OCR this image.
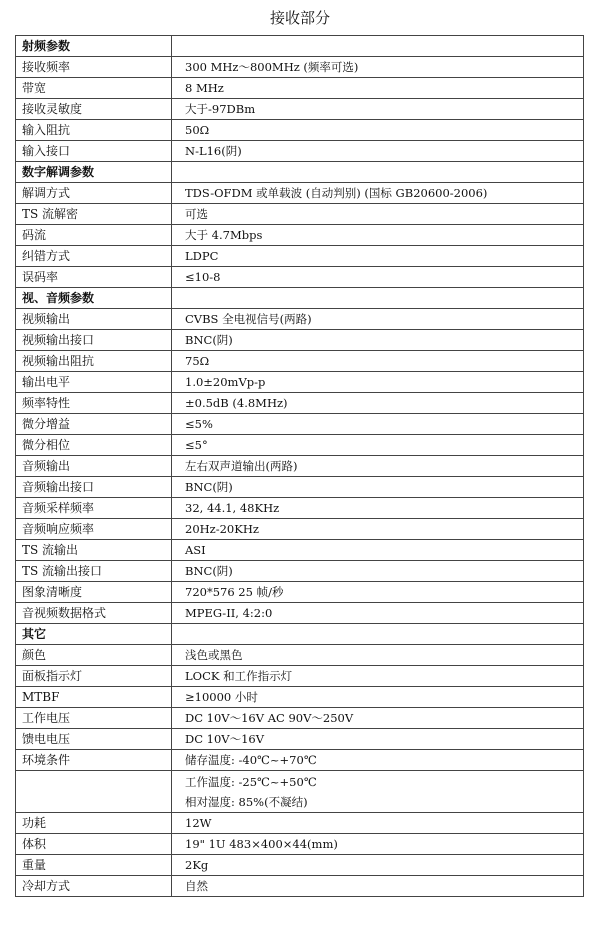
接收部分
射频参数	
接收频率	300 MHz～800MHz (频率可选)
带宽	8 MHz
接收灵敏度	大于-97DBm
输入阻抗	50Ω
输入接口	N-L16(阴)
数字解调参数	
解调方式	TDS-OFDM 或单载波 (自动判别) (国标 GB20600-2006)
TS 流解密	可选
码流	大于 4.7Mbps
纠错方式	LDPC
误码率	≤10-8
视、音频参数	
视频输出	CVBS 全电视信号(两路)
视频输出接口	BNC(阴)
视频输出阻抗	75Ω
输出电平	1.0±20mVp-p
频率特性	±0.5dB (4.8MHz)
微分增益	≤5%
微分相位	≤5°
音频输出	左右双声道输出(两路)
音频输出接口	BNC(阴)
音频采样频率	32, 44.1, 48KHz
音频响应频率	20Hz-20KHz
TS 流输出	ASI
TS 流输出接口	BNC(阴)
图象清晰度	720*576 25 帧/秒
音视频数据格式	MPEG-II, 4:2:0
其它	
颜色	浅色或黑色
面板指示灯	LOCK 和工作指示灯
MTBF	≥10000 小时
工作电压	DC 10V～16V AC 90V～250V
馈电电压	DC 10V～16V
环境条件	储存温度: -40℃~+70℃

	工作温度: -25℃~+50℃
相对湿度: 85%(不凝结)

功耗	12W
体积	19" 1U 483×400×44(mm)
重量	2Kg
冷却方式	自然
